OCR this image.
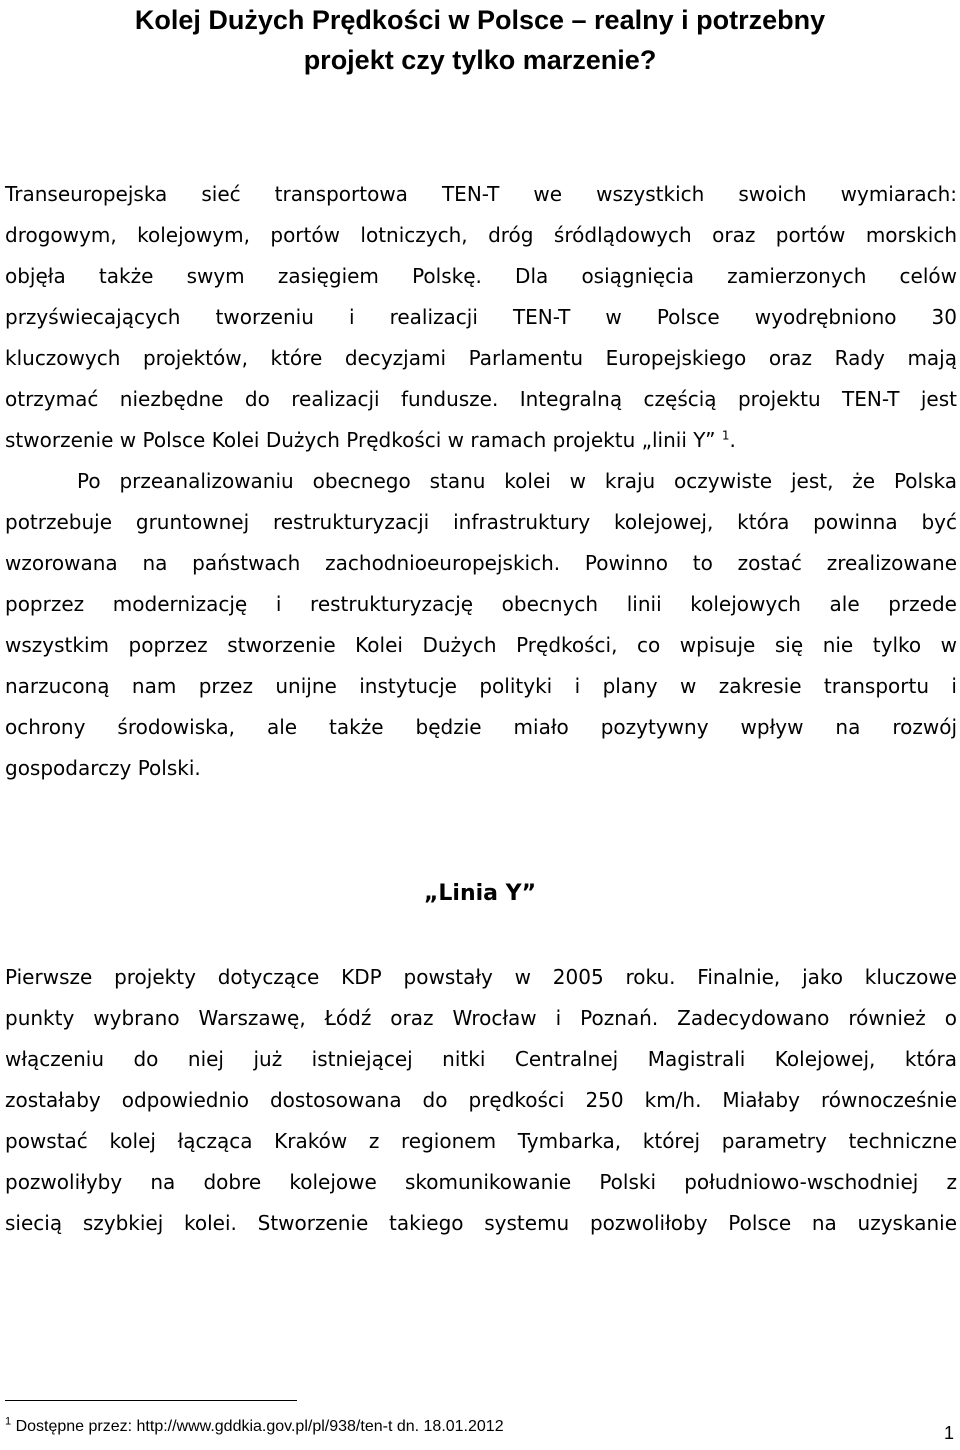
Kolej Dużych Prędkości w Polsce – realny i potrzebny
projekt czy tylko marzenie?
Transeuropejska sieć transportowa TEN-T we wszystkich swoich wymiarach:
drogowym, kolejowym, portów lotniczych, dróg śródlądowych oraz portów morskich
objęła także swym zasięgiem Polskę. Dla osiągnięcia zamierzonych celów
przyświecających tworzeniu i realizacji TEN-T w Polsce wyodrębniono 30
kluczowych projektów, które decyzjami Parlamentu Europejskiego oraz Rady mają
otrzymać niezbędne do realizacji fundusze. Integralną częścią projektu TEN-T jest
stworzenie w Polsce Kolei Dużych Prędkości w ramach projektu „linii Y” $^1$.
Po przeanalizowaniu obecnego stanu kolei w kraju oczywiste jest, że Polska
potrzebuje gruntownej restrukturyzacji infrastruktury kolejowej, która powinna być
wzorowana na państwach zachodnioeuropejskich. Powinno to zostać zrealizowane
poprzez modernizację i restrukturyzację obecnych linii kolejowych ale przede
wszystkim poprzez stworzenie Kolei Dużych Prędkości, co wpisuje się nie tylko w
narzuconą nam przez unijne instytucje polityki i plany w zakresie transportu i
ochrony środowiska, ale także będzie miało pozytywny wpływ na rozwój
gospodarczy Polski.
„Linia Y”
Pierwsze projekty dotyczące KDP powstały w 2005 roku. Finalnie, jako kluczowe
punkty wybrano Warszawę, Łódź oraz Wrocław i Poznań. Zadecydowano również o
włączeniu do niej już istniejącej nitki Centralnej Magistrali Kolejowej, która
zostałaby odpowiednio dostosowana do prędkości 250 km/h. Miałaby równocześnie
powstać kolej łącząca Kraków z regionem Tymbarka, której parametry techniczne
pozwoliłyby na dobre kolejowe skomunikowanie Polski południowo-wschodniej z
siecią szybkiej kolei. Stworzenie takiego systemu pozwoliłoby Polsce na uzyskanie
$^1$ Dostępne przez: http://www.gddkia.gov.pl/pl/938/ten-t dn. 18.01.2012	1
